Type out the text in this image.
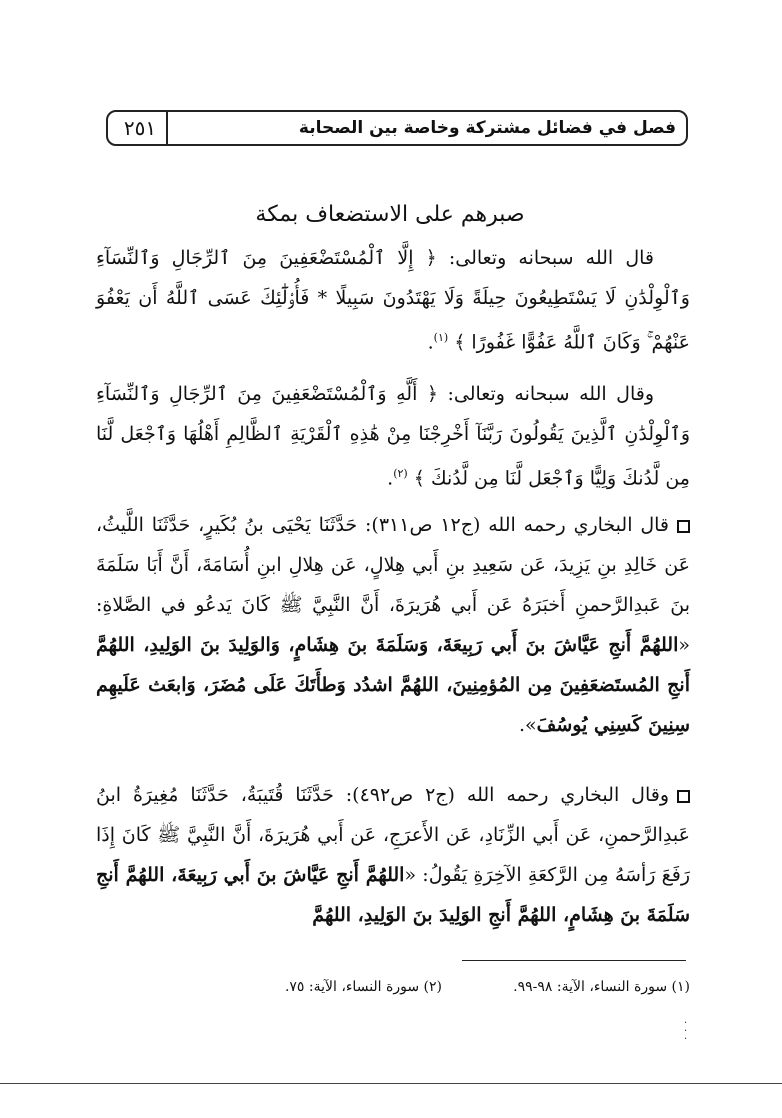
٢٥١	فصل في فضائل مشتركة وخاصة بين الصحابة
صبرهم على الاستضعاف بمكة

قال الله سبحانه وتعالى: ﴿ إِلَّا ٱلْمُسْتَضْعَفِينَ مِنَ ٱلرِّجَالِ وَٱلنِّسَآءِ وَٱلْوِلْدَٰنِ لَا يَسْتَطِيعُونَ حِيلَةً وَلَا يَهْتَدُونَ سَبِيلًا * فَأُو۟لَٰٓئِكَ عَسَى ٱللَّهُ أَن يَعْفُوَ عَنْهُمْ ۚ وَكَانَ ٱللَّهُ عَفُوًّا غَفُورًا ﴾ $^{(١)}$.

وقال الله سبحانه وتعالى: ﴿ أَلَّهِ وَٱلْمُسْتَضْعَفِينَ مِنَ ٱلرِّجَالِ وَٱلنِّسَآءِ وَٱلْوِلْدَٰنِ ٱلَّذِينَ يَقُولُونَ رَبَّنَآ أَخْرِجْنَا مِنْ هَٰذِهِ ٱلْقَرْيَةِ ٱلظَّالِمِ أَهْلُهَا وَٱجْعَل لَّنَا مِن لَّدُنكَ وَلِيًّا وَٱجْعَل لَّنَا مِن لَّدُنكَ ﴾ $^{(٢)}$.

قال البخاري رحمه الله (ج١٢ ص٣١١): حَدَّثَنَا يَحْيَى بنُ بُكَيرٍ، حَدَّثَنَا اللَّيثُ، عَن خَالِدِ بنِ يَزِيدَ، عَن سَعِيدِ بنِ أَبي هِلالٍ، عَن هِلالِ ابنِ أُسَامَةَ، أَنَّ أَبَا سَلَمَةَ بنَ عَبدِالرَّحمنِ أَخبَرَهُ عَن أَبي هُرَيرَةَ، أَنَّ النَّبِيَّ ﷺ كَانَ يَدعُو في الصَّلاةِ: «اللهُمَّ أَنجِ عَيَّاشَ بنَ أَبي رَبِيعَةَ، وَسَلَمَةَ بنَ هِشَامٍ، وَالوَلِيدَ بنَ الوَلِيدِ، اللهُمَّ أَنجِ المُستَضعَفِينَ مِن المُؤمِنِينَ، اللهُمَّ اشدُد وَطأَتَكَ عَلَى مُضَرَ، وَابعَث عَلَيهِم سِنِينَ كَسِنِي يُوسُفَ».

وقال البخاري رحمه الله (ج٢ ص٤٩٢): حَدَّثَنَا قُتَيبَةُ، حَدَّثَنَا مُغِيرَةُ ابنُ عَبدِالرَّحمنِ، عَن أَبي الزِّنَادِ، عَن الأَعرَجِ، عَن أَبي هُرَيرَةَ، أَنَّ النَّبِيَّ ﷺ كَانَ إِذَا رَفَعَ رَأسَهُ مِن الرَّكعَةِ الآخِرَةِ يَقُولُ: «اللهُمَّ أَنجِ عَيَّاشَ بنَ أَبي رَبِيعَةَ، اللهُمَّ أَنجِ سَلَمَةَ بنَ هِشَامٍ، اللهُمَّ أَنجِ الوَلِيدَ بنَ الوَلِيدِ، اللهُمَّ

(١) سورة النساء، الآية: ٩٨-٩٩.
(٢) سورة النساء، الآية: ٧٥.
·
·
·
